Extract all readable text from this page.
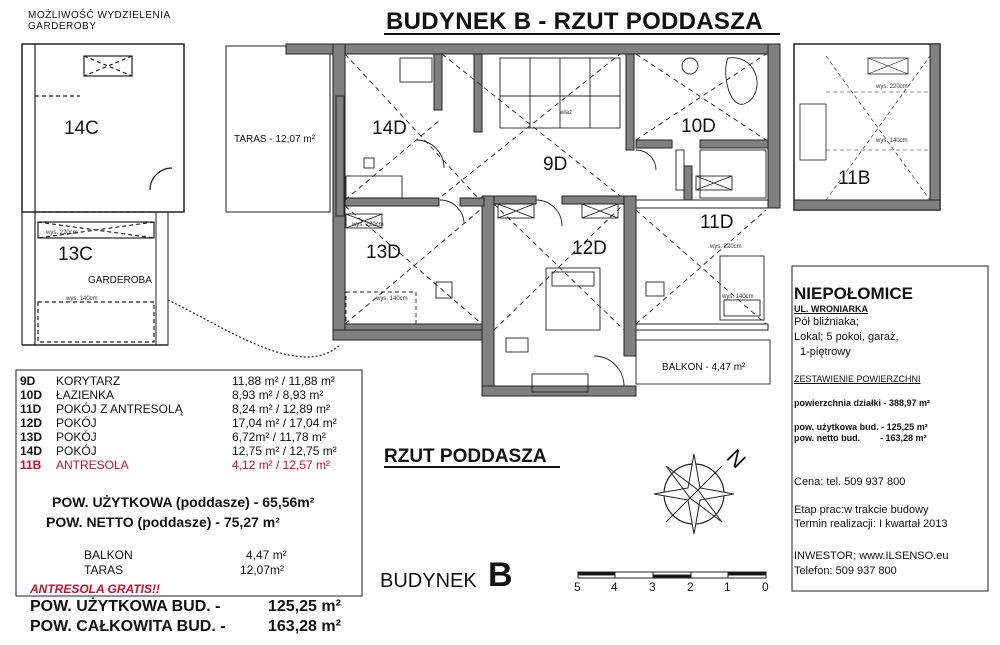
MOŻLIWOŚĆ WYDZIELENIA
GARDEROBY	BUDYNEK B - RZUT PODDASZA
14C
13C
GARDEROBA
TARAS - 12,07 m²
14D
9D
10D
11D
12D
13D
11B
BALKON - 4,47 m²
właz
wys. 220cm
wys. 140cm
wys. 220cm
wys. 140cm
wys. 220cm
wys. 140cm
wys. 220cm
wys. 140cm
9D KORYTARZ	11,88 m² / 11,88 m²
10D ŁAZIENKA	8,93 m² / 8,93 m²
11D POKÓJ Z ANTRESOLĄ	8,24 m² / 12,89 m²
12D POKÓJ	17,04 m² / 17,04 m²
13D POKÓJ	6,72m² / 11,78 m²
14D POKÓJ	12,75 m² / 12,75 m²
11B ANTRESOLA	4,12 m² / 12,57 m²
POW. UŻYTKOWA (poddasze) - 65,56m²
POW. NETTO (poddasze) - 75,27 m²
BALKON	4,47 m²
TARAS	12,07m²
ANTRESOLA GRATIS!!
POW. UŻYTKOWA BUD. -	125,25 m²
POW. CAŁKOWITA BUD. -	163,28 m²
RZUT PODDASZA
BUDYNEK B
N
5	4	3	2	1	0
NIEPOŁOMICE
UL. WRONIARKA
Pół bliźniaka;
Lokal; 5 pokoi, garaż,
1-piętrowy
ZESTAWIENIE POWIERZCHNI
powierzchnia działki - 388,97 m²
pow. użytkowa bud. - 125,25 m²
pow. netto bud. - 163,28 m²
Cena: tel. 509 937 800
Etap prac:w trakcie budowy
Termin realizacji: I kwartał 2013
INWESTOR; www.ILSENSO.eu
Telefon: 509 937 800
